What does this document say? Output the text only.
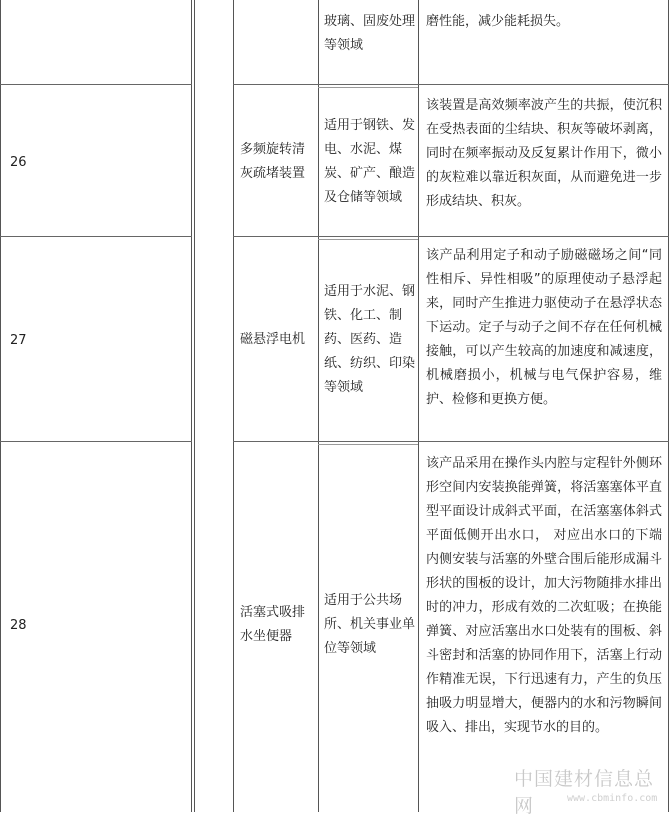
玻璃、固废处理等领域
磨性能，减少能耗损失。
26
多频旋转清灰疏堵装置
适用于钢铁、发电、水泥、煤炭、矿产、酿造及仓储等领域
该装置是高效频率波产生的共振，使沉积在受热表面的尘结块、积灰等破坏剥离，同时在频率振动及反复累计作用下，微小的灰粒难以靠近积灰面，从而避免进一步形成结块、积灰。
27	磁悬浮电机
适用于水泥、钢铁、化工、制药、医药、造纸、纺织、印染等领域
该产品利用定子和动子励磁磁场之间“同性相斥、异性相吸”的原理使动子悬浮起来，同时产生推进力驱使动子在悬浮状态下运动。定子与动子之间不存在任何机械接触，可以产生较高的加速度和减速度，机械磨损小，机械与电气保护容易，维护、检修和更换方便。
28
活塞式吸排水坐便器
适用于公共场所、机关事业单位等领域
该产品采用在操作头内腔与定程针外侧环形空间内安装换能弹簧，将活塞塞体平直型平面设计成斜式平面，在活塞塞体斜式平面低侧开出水口， 对应出水口的下端内侧安装与活塞的外壁合围后能形成漏斗形状的围板的设计，加大污物随排水排出时的冲力，形成有效的二次虹吸；在换能弹簧、对应活塞出水口处装有的围板、斜斗密封和活塞的协同作用下，活塞上行动作精准无误，下行迅速有力，产生的负压抽吸力明显增大，便器内的水和污物瞬间吸入、排出，实现节水的目的。
中国建材信息总网	www.cbminfo.com
